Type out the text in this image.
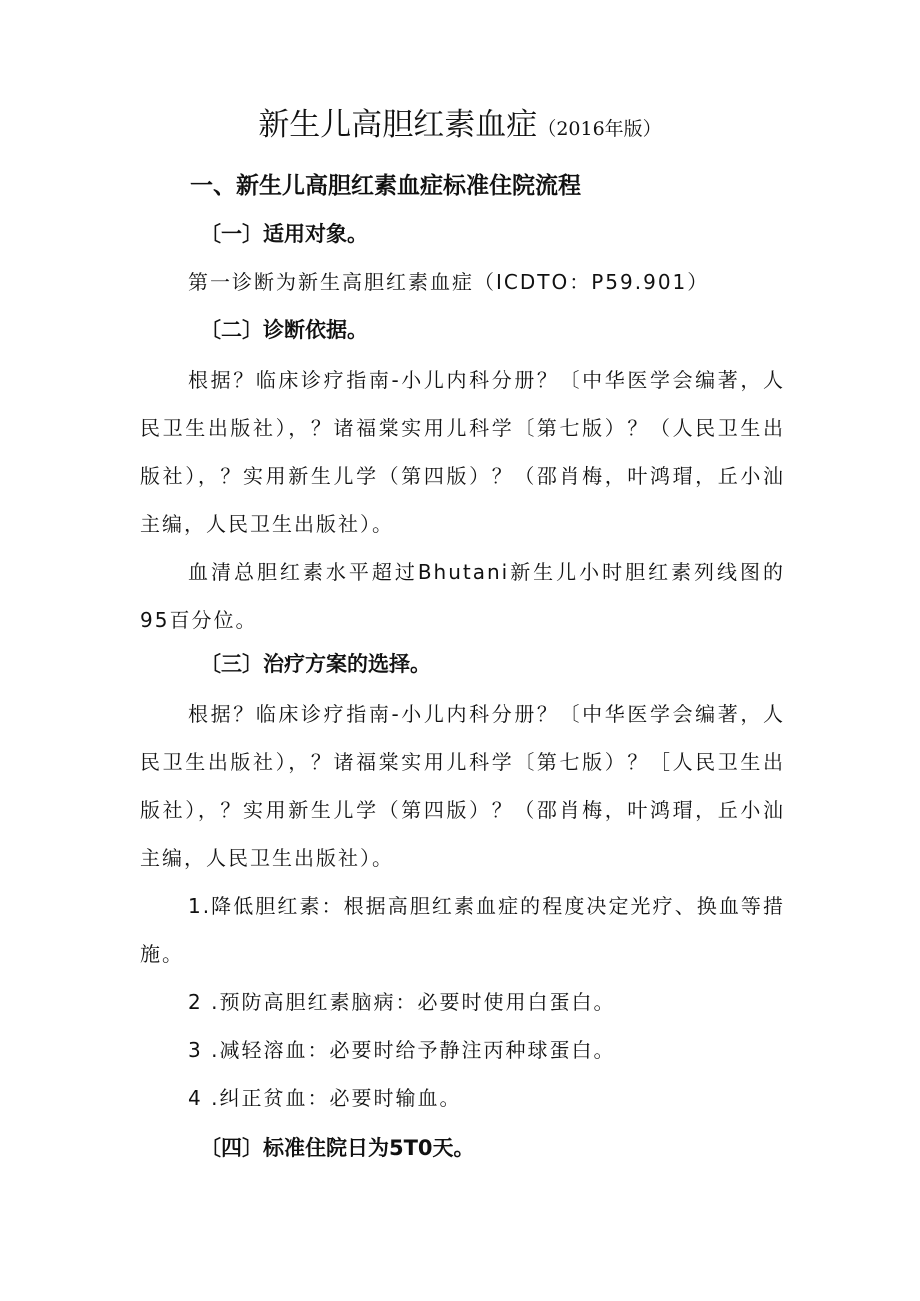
新生儿高胆红素血症（2016年版）
一、新生儿高胆红素血症标准住院流程
〔一〕适用对象。
第一诊断为新生高胆红素血症（ICDTO：P59.901）
〔二〕诊断依据。
根据？临床诊疗指南-小儿内科分册？〔中华医学会编著，人民卫生出版社），？诸福棠实用儿科学〔第七版）？（人民卫生出版社），？实用新生儿学（第四版）？（邵肖梅，叶鸿瑁，丘小汕主编，人民卫生出版社）。
血清总胆红素水平超过Bhutani新生儿小时胆红素列线图的95百分位。
〔三〕治疗方案的选择。
根据？临床诊疗指南-小儿内科分册？〔中华医学会编著，人民卫生出版社），？诸福棠实用儿科学〔第七版）？［人民卫生出版社），？实用新生儿学（第四版）？（邵肖梅，叶鸿瑁，丘小汕主编，人民卫生出版社）。
1.降低胆红素：根据高胆红素血症的程度决定光疗、换血等措施。
2 .预防高胆红素脑病：必要时使用白蛋白。
3 .减轻溶血：必要时给予静注丙种球蛋白。
4 .纠正贫血：必要时输血。
〔四〕标准住院日为5T0天。
